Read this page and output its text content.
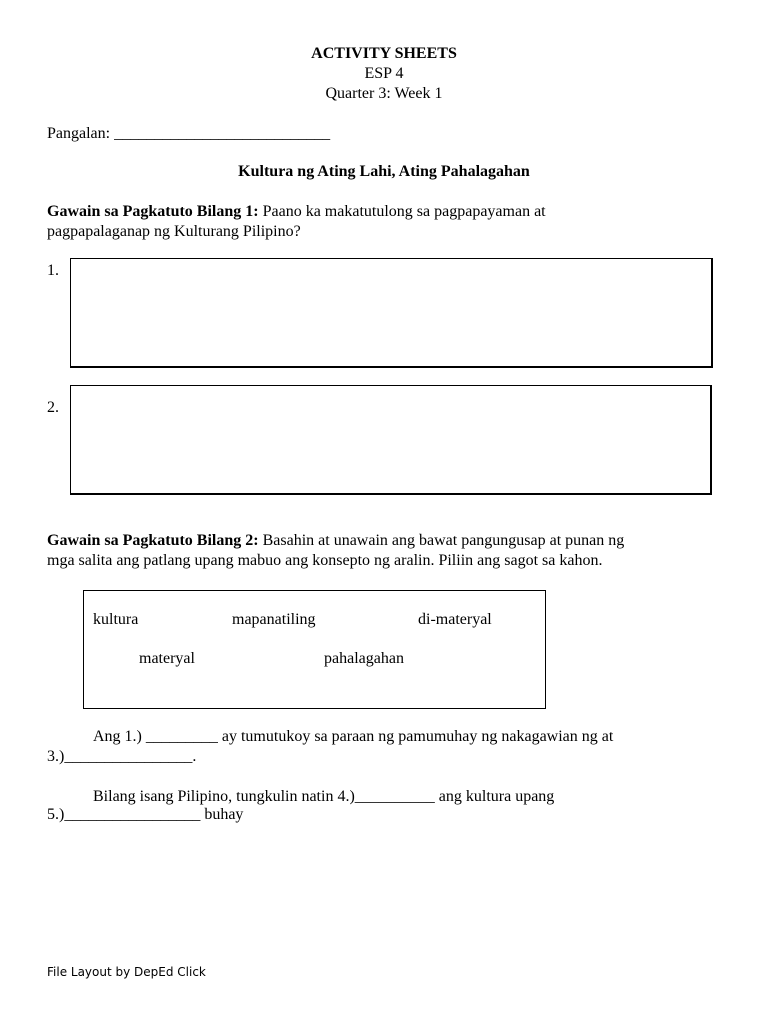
ACTIVITY SHEETS
ESP 4
Quarter 3: Week 1
Pangalan: ___________________________
Kultura ng Ating Lahi, Ating Pahalagahan
Gawain sa Pagkatuto Bilang 1: Paano ka makatutulong sa pagpapayaman at
pagpapalaganap ng Kulturang Pilipino?
1.
2.
Gawain sa Pagkatuto Bilang 2: Basahin at unawain ang bawat pangungusap at punan ng
mga salita ang patlang upang mabuo ang konsepto ng aralin. Piliin ang sagot sa kahon.
kultura	mapanatiling	di-materyal
materyal	pahalagahan
Ang 1.) _________ ay tumutukoy sa paraan ng pamumuhay ng nakagawian ng at
3.)________________.
Bilang isang Pilipino, tungkulin natin 4.)__________ ang kultura upang
5.)_________________ buhay
File Layout by DepEd Click
